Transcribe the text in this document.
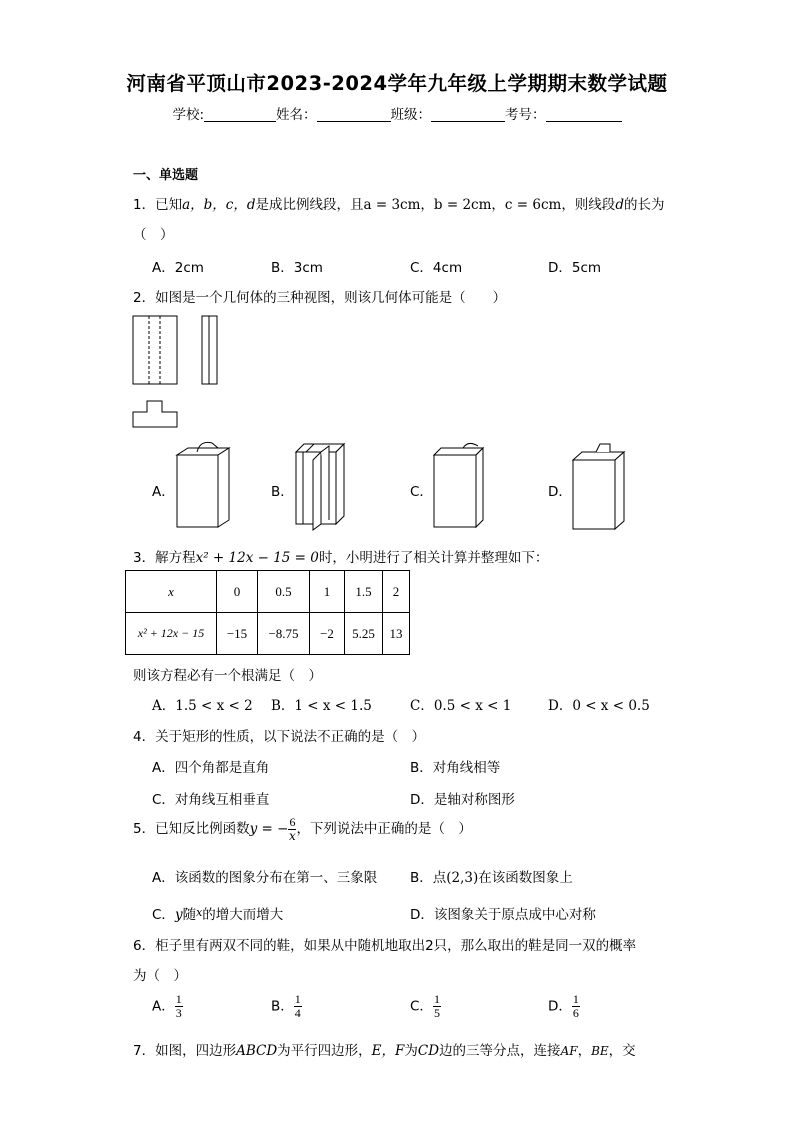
河南省平顶山市2023-2024学年九年级上学期期末数学试题
学校:	姓名：	班级：	考号：
一、单选题
1．已知a，b，c，d是成比例线段，且a = 3cm，b = 2cm，c = 6cm，则线段d的长为
（　）
A．2cm	B．3cm	C．4cm	D．5cm
2．如图是一个几何体的三种视图，则该几何体可能是（　　）
A．	B．	C．	D．
3．解方程x² + 12x − 15 = 0时，小明进行了相关计算并整理如下：
x	0	0.5	1	1.5	2
x² + 12x − 15	−15	−8.75	−2	5.25	13
则该方程必有一个根满足（　）
A．1.5 < x < 2 B．1 < x < 1.5	C．0.5 < x < 1	D．0 < x < 0.5
4．关于矩形的性质，以下说法不正确的是（　）
A．四个角都是直角	B．对角线相等
C．对角线互相垂直	D．是轴对称图形
5．已知反比例函数y = − $\frac{6}{x}$ ，下列说法中正确的是（　）
A．该函数的图象分布在第一、三象限 B．点(2,3)在该函数图象上
C．y随$^x$的增大而增大	D．该图象关于原点成中心对称
6．柜子里有两双不同的鞋，如果从中随机地取出2只，那么取出的鞋是同一双的概率
为（　）
A． $\frac{1}{3}$	B． $\frac{1}{4}$	C． $\frac{1}{5}$	D． $\frac{1}{6}$
7．如图，四边形ABCD为平行四边形，E，F为CD边的三等分点，连接AF，BE，交
